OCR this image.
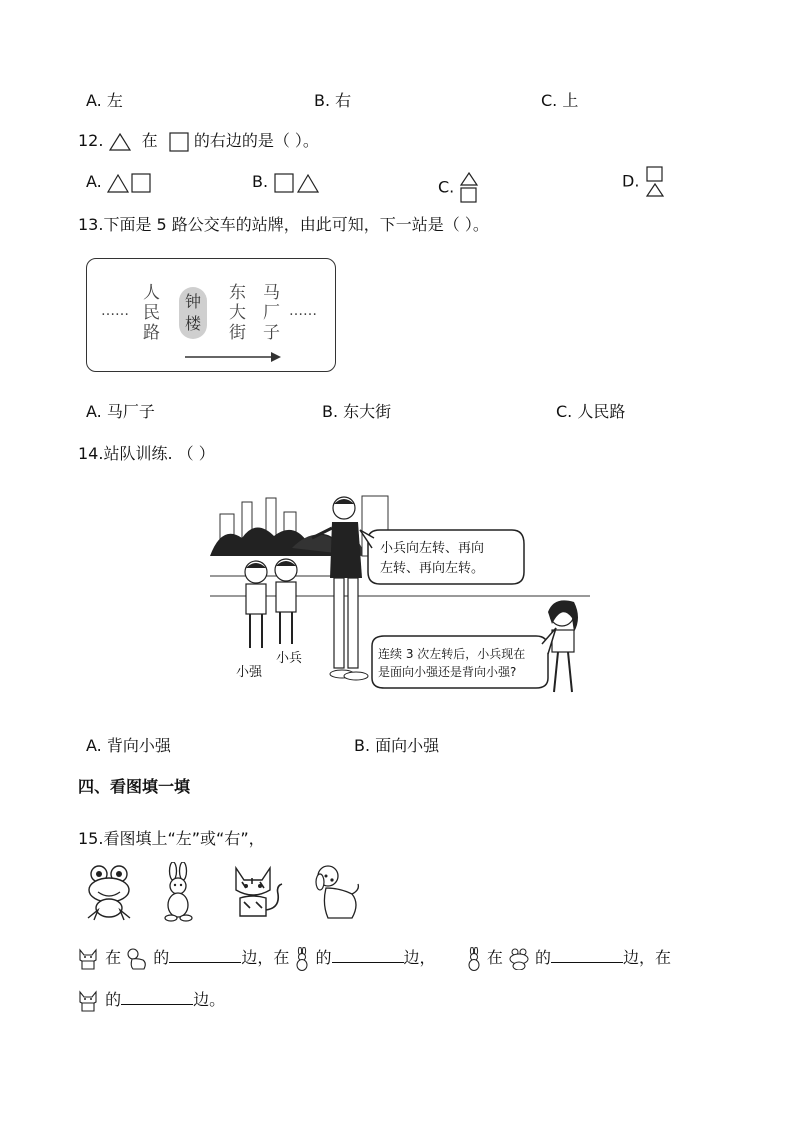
A. 左	B. 右	C. 上
12. 在 的右边的是（ ）。
A.	B.	C.	D.
13.下面是 5 路公交车的站牌，由此可知，下一站是（ ）。
……
人
民
路
钟
楼
东
大
街
马
厂
子
……
A. 马厂子	B. 东大街	C. 人民路
14.站队训练. （ ）
小兵向左转、再向
左转、再向左转。
连续 3 次左转后，小兵现在
是面向小强还是背向小强?
小强
小兵
A. 背向小强	B. 面向小强
四、看图填一填
15.看图填上“左”或“右”，
在 的	边，在 的	边，	在 的	边，在
的	边。
